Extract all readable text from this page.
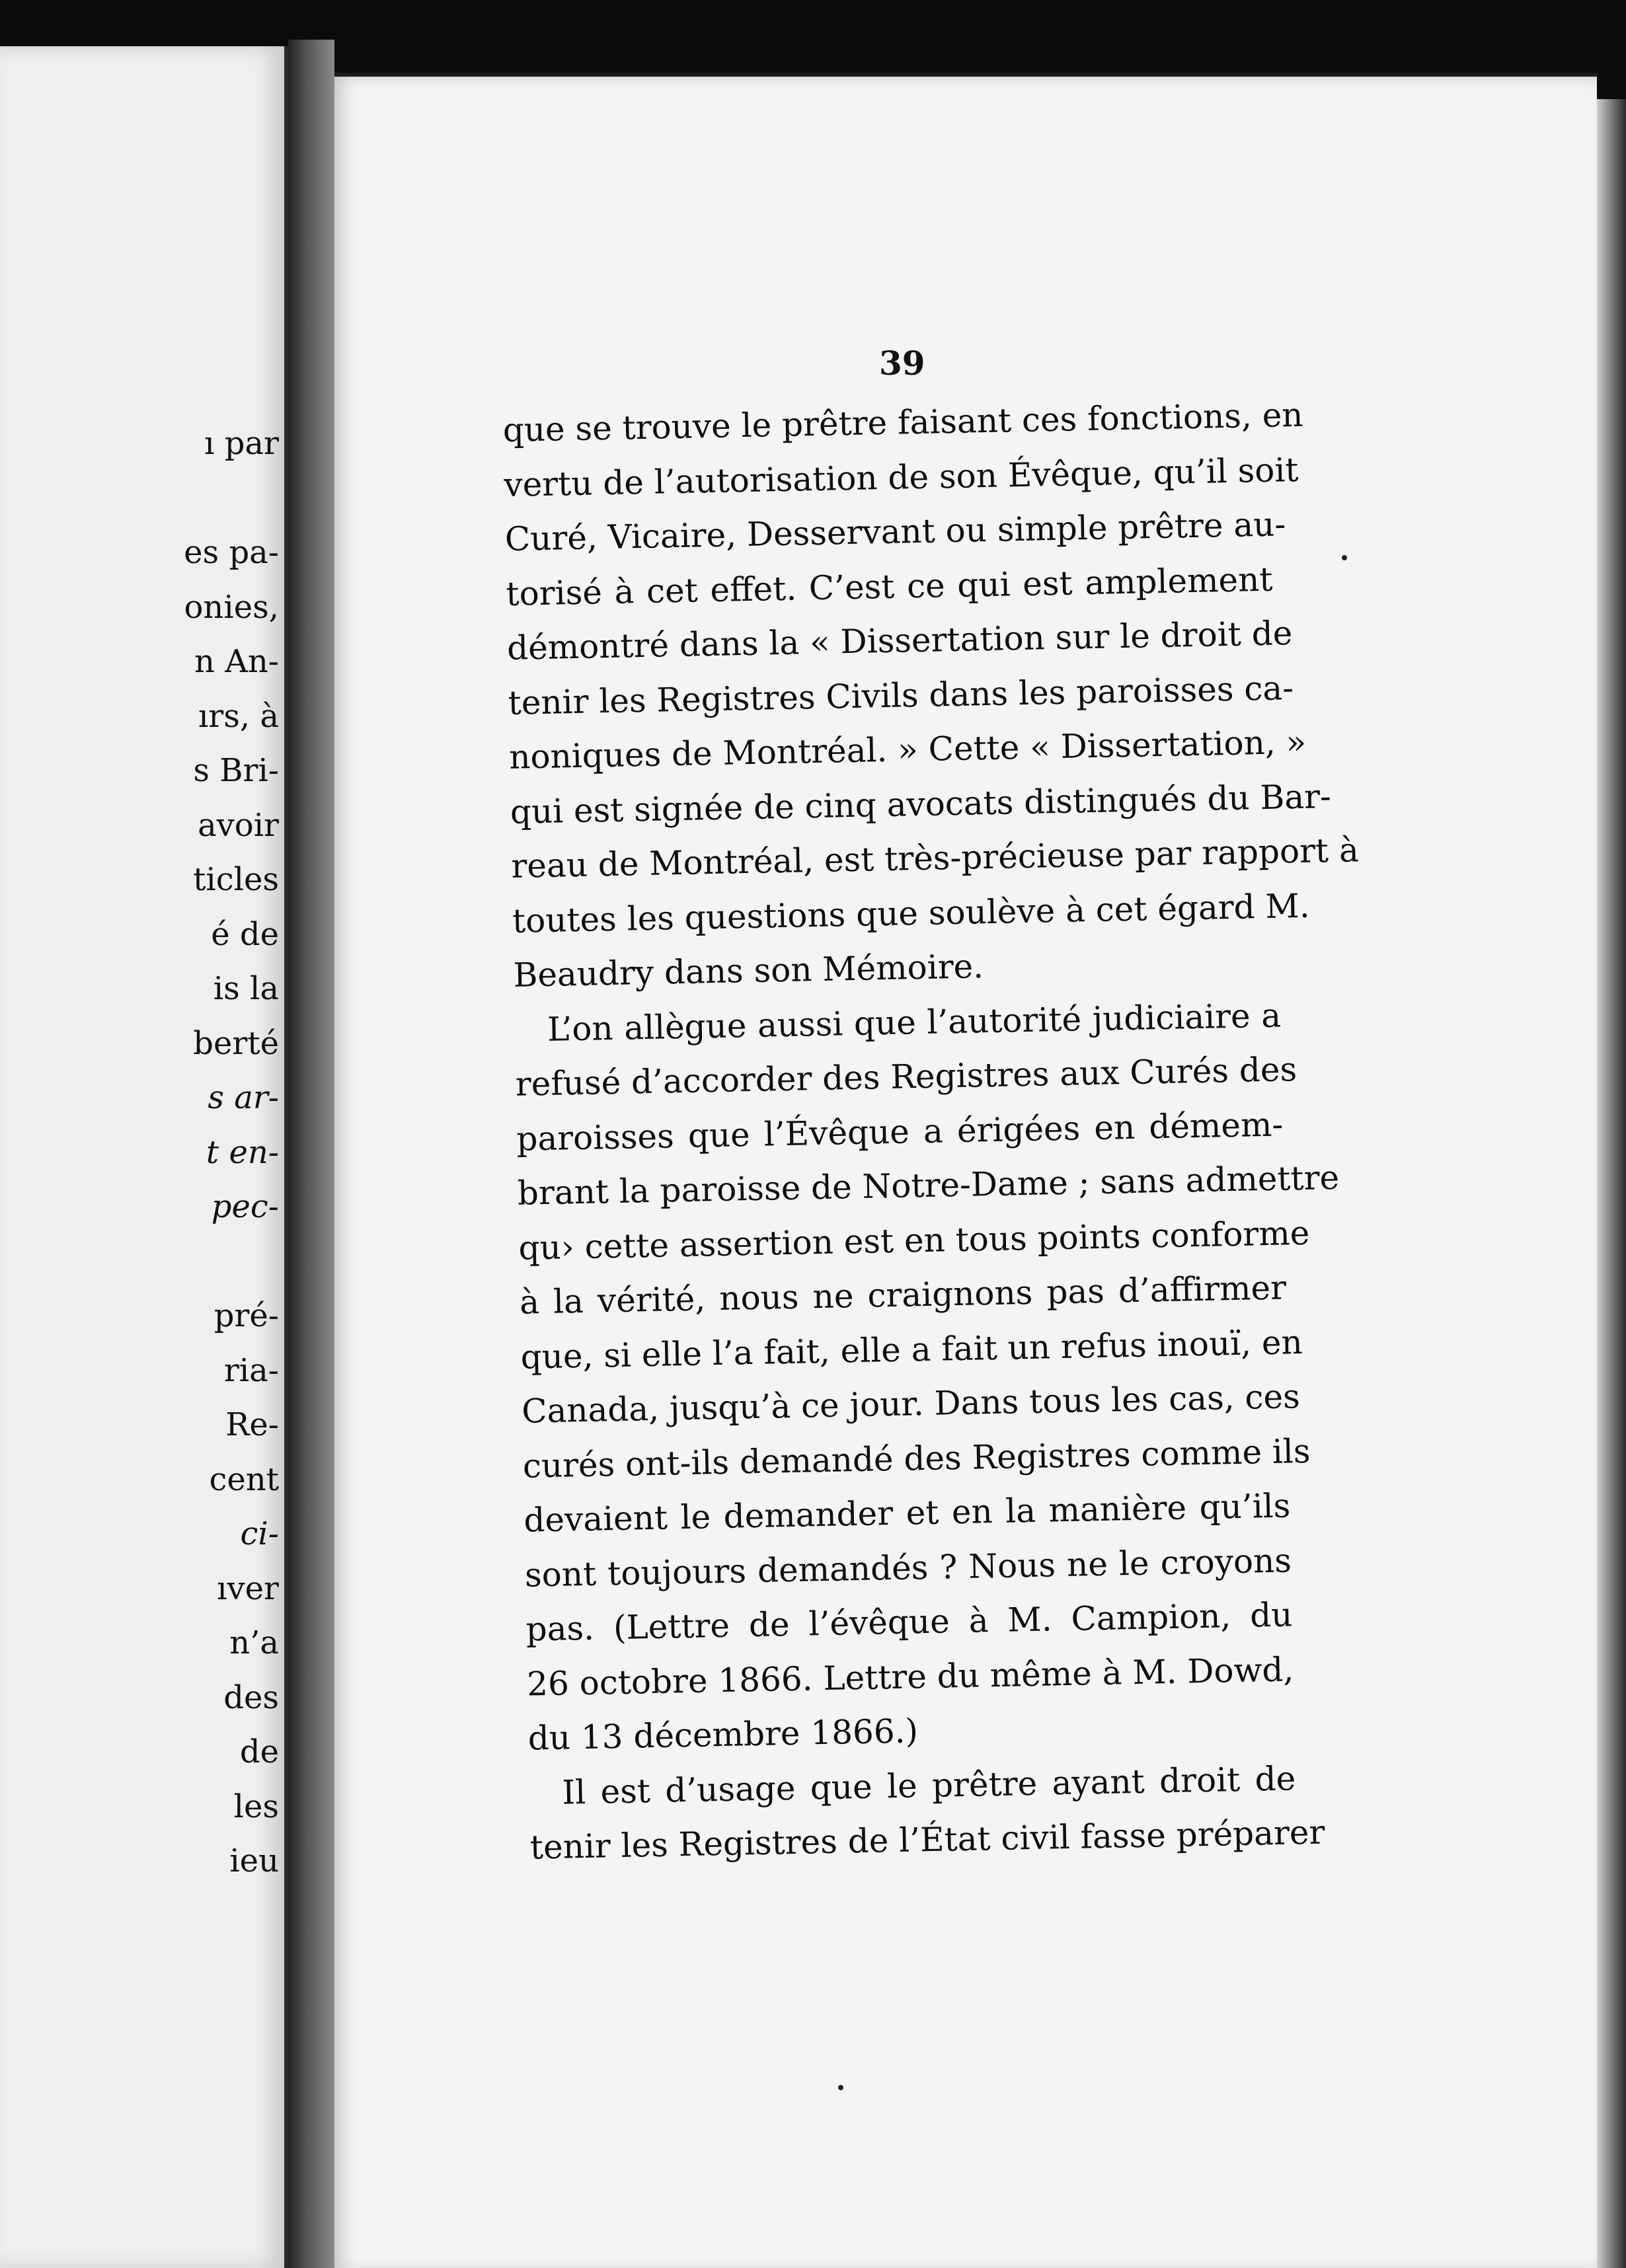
ı par
es pa-
onies,
n An-
ırs, à
s Bri-
avoir
ticles
é de
is la
berté
s ar-
t en-
pec-
pré-
ria-
Re-
cent
ci-
ıver
n’a
des
de
les
ieu
39
que se trouve le prêtre faisant ces fonctions, en
vertu de l’autorisation de son Évêque, qu’il soit
Curé, Vicaire, Desservant ou simple prêtre au-
torisé à cet effet. C’est ce qui est amplement
démontré dans la « Dissertation sur le droit de
tenir les Registres Civils dans les paroisses ca-
noniques de Montréal. » Cette « Dissertation, »
qui est signée de cinq avocats distingués du Bar-
reau de Montréal, est très-précieuse par rapport à
toutes les questions que soulève à cet égard M.
Beaudry dans son Mémoire.
L’on allègue aussi que l’autorité judiciaire a
refusé d’accorder des Registres aux Curés des
paroisses que l’Évêque a érigées en démem-
brant la paroisse de Notre-Dame ; sans admettre
qu› cette assertion est en tous points conforme
à la vérité, nous ne craignons pas d’affirmer
que, si elle l’a fait, elle a fait un refus inouï, en
Canada, jusqu’à ce jour. Dans tous les cas, ces
curés ont-ils demandé des Registres comme ils
devaient le demander et en la manière qu’ils
sont toujours demandés ? Nous ne le croyons
pas. (Lettre de l’évêque à M. Campion, du
26 octobre 1866. Lettre du même à M. Dowd,
du 13 décembre 1866.)
Il est d’usage que le prêtre ayant droit de
tenir les Registres de l’État civil fasse préparer
